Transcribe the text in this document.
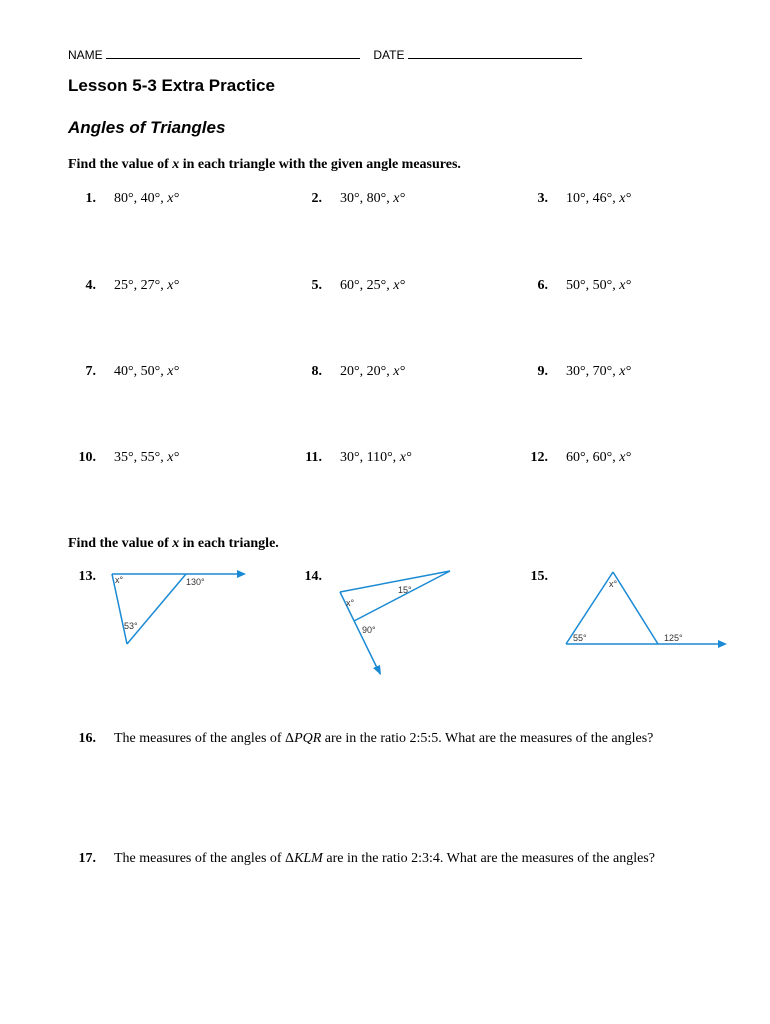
NAME	DATE
Lesson 5-3 Extra Practice
Angles of Triangles
Find the value of x in each triangle with the given angle measures.
1. 80°, 40°, x°	2. 30°, 80°, x°	3. 10°, 46°, x°
4. 25°, 27°, x°	5. 60°, 25°, x°	6. 50°, 50°, x°
7. 40°, 50°, x°	8. 20°, 20°, x°	9. 30°, 70°, x°
10. 35°, 55°, x°	11. 30°, 110°, x°	12. 60°, 60°, x°
Find the value of x in each triangle.
13.	14.	15.
x°	130°
53°
15°
x°
90°
x°
55°	125°
16. The measures of the angles of ΔPQR are in the ratio 2:5:5. What are the measures of the angles?
17. The measures of the angles of ΔKLM are in the ratio 2:3:4. What are the measures of the angles?
